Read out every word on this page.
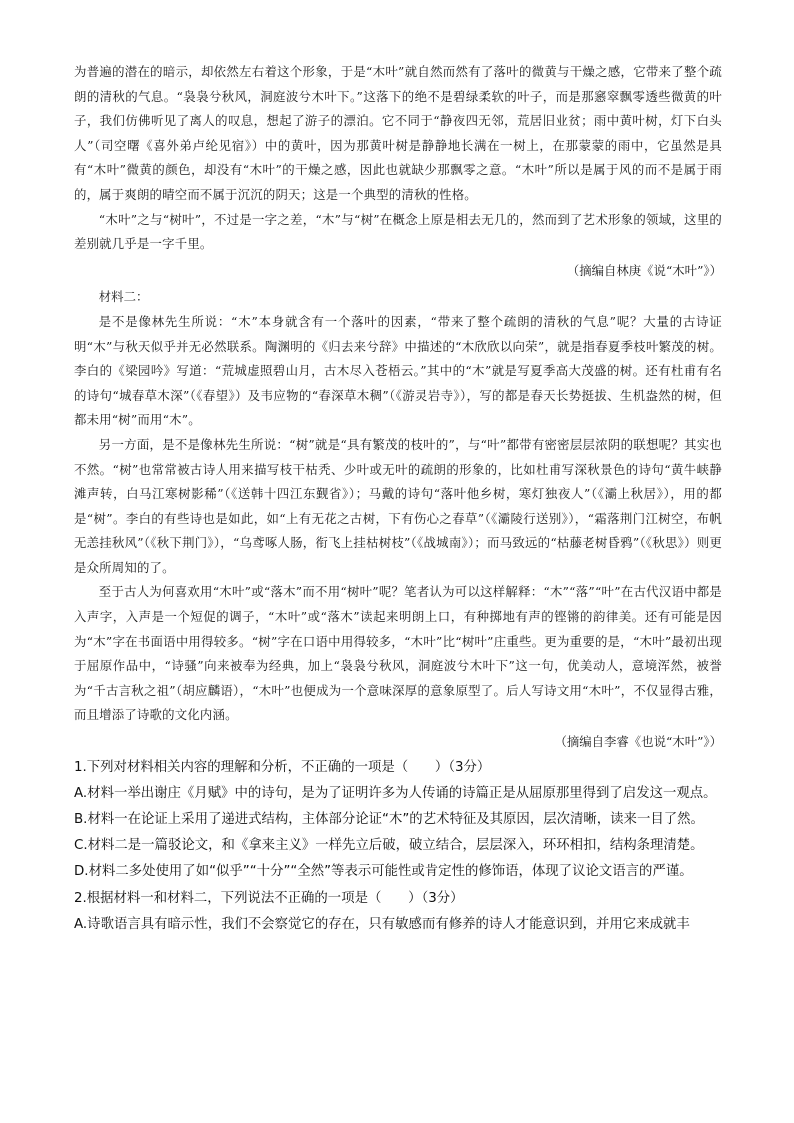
为普遍的潜在的暗示，却依然左右着这个形象，于是“木叶”就自然而然有了落叶的微黄与干燥之感，它带来了整个疏朗的清秋的气息。“袅袅兮秋风，洞庭波兮木叶下。”这落下的绝不是碧绿柔软的叶子，而是那窸窣飘零透些微黄的叶子，我们仿佛听见了离人的叹息，想起了游子的漂泊。它不同于“静夜四无邻，荒居旧业贫；雨中黄叶树，灯下白头人”（司空曙《喜外弟卢纶见宿》）中的黄叶，因为那黄叶树是静静地长满在一树上，在那蒙蒙的雨中，它虽然是具有“木叶”微黄的颜色，却没有“木叶”的干燥之感，因此也就缺少那飘零之意。“木叶”所以是属于风的而不是属于雨的，属于爽朗的晴空而不属于沉沉的阴天；这是一个典型的清秋的性格。

“木叶”之与“树叶”，不过是一字之差，“木”与“树”在概念上原是相去无几的，然而到了艺术形象的领域，这里的差别就几乎是一字千里。

（摘编自林庚《说“木叶”》）

材料二：

是不是像林先生所说：“木”本身就含有一个落叶的因素，“带来了整个疏朗的清秋的气息”呢？大量的古诗证明“木”与秋天似乎并无必然联系。陶渊明的《归去来兮辞》中描述的“木欣欣以向荣”，就是指春夏季枝叶繁茂的树。李白的《梁园吟》写道：“荒城虚照碧山月，古木尽入苍梧云。”其中的“木”就是写夏季高大茂盛的树。还有杜甫有名的诗句“城春草木深”（《春望》）及韦应物的“春深草木稠”（《游灵岩寺》），写的都是春天长势挺拔、生机盎然的树，但都未用“树”而用“木”。

另一方面，是不是像林先生所说：“树”就是“具有繁茂的枝叶的”，与“叶”都带有密密层层浓阴的联想呢？其实也不然。“树”也常常被古诗人用来描写枝干枯秃、少叶或无叶的疏朗的形象的，比如杜甫写深秋景色的诗句“黄牛峡静滩声转，白马江寒树影稀”（《送韩十四江东觐省》）；马戴的诗句“落叶他乡树，寒灯独夜人”（《灞上秋居》），用的都是“树”。李白的有些诗也是如此，如“上有无花之古树，下有伤心之春草”（《灞陵行送别》），“霜落荆门江树空，布帆无恙挂秋风”（《秋下荆门》），“乌鸢啄人肠，衔飞上挂枯树枝”（《战城南》）；而马致远的“枯藤老树昏鸦”（《秋思》）则更是众所周知的了。

至于古人为何喜欢用“木叶”或“落木”而不用“树叶”呢？笔者认为可以这样解释：“木”“落”“叶”在古代汉语中都是入声字，入声是一个短促的调子，“木叶”或“落木”读起来明朗上口，有种掷地有声的铿锵的韵律美。还有可能是因为“木”字在书面语中用得较多。“树”字在口语中用得较多，“木叶”比“树叶”庄重些。更为重要的是，“木叶”最初出现于屈原作品中，“诗骚”向来被奉为经典，加上“袅袅兮秋风，洞庭波兮木叶下”这一句，优美动人，意境浑然，被誉为“千古言秋之祖”（胡应麟语），“木叶”也便成为一个意味深厚的意象原型了。后人写诗文用“木叶”，不仅显得古雅，而且增添了诗歌的文化内涵。

（摘编自李睿《也说“木叶”》）

1.下列对材料相关内容的理解和分析，不正确的一项是（　　）（3分）

A.材料一举出谢庄《月赋》中的诗句，是为了证明许多为人传诵的诗篇正是从屈原那里得到了启发这一观点。

B.材料一在论证上采用了递进式结构，主体部分论证“木”的艺术特征及其原因，层次清晰，读来一目了然。

C.材料二是一篇驳论文，和《拿来主义》一样先立后破，破立结合，层层深入，环环相扣，结构条理清楚。

D.材料二多处使用了如“似乎”“十分”“全然”等表示可能性或肯定性的修饰语，体现了议论文语言的严谨。

2.根据材料一和材料二，下列说法不正确的一项是（　　）（3分）

A.诗歌语言具有暗示性，我们不会察觉它的存在，只有敏感而有修养的诗人才能意识到，并用它来成就丰
